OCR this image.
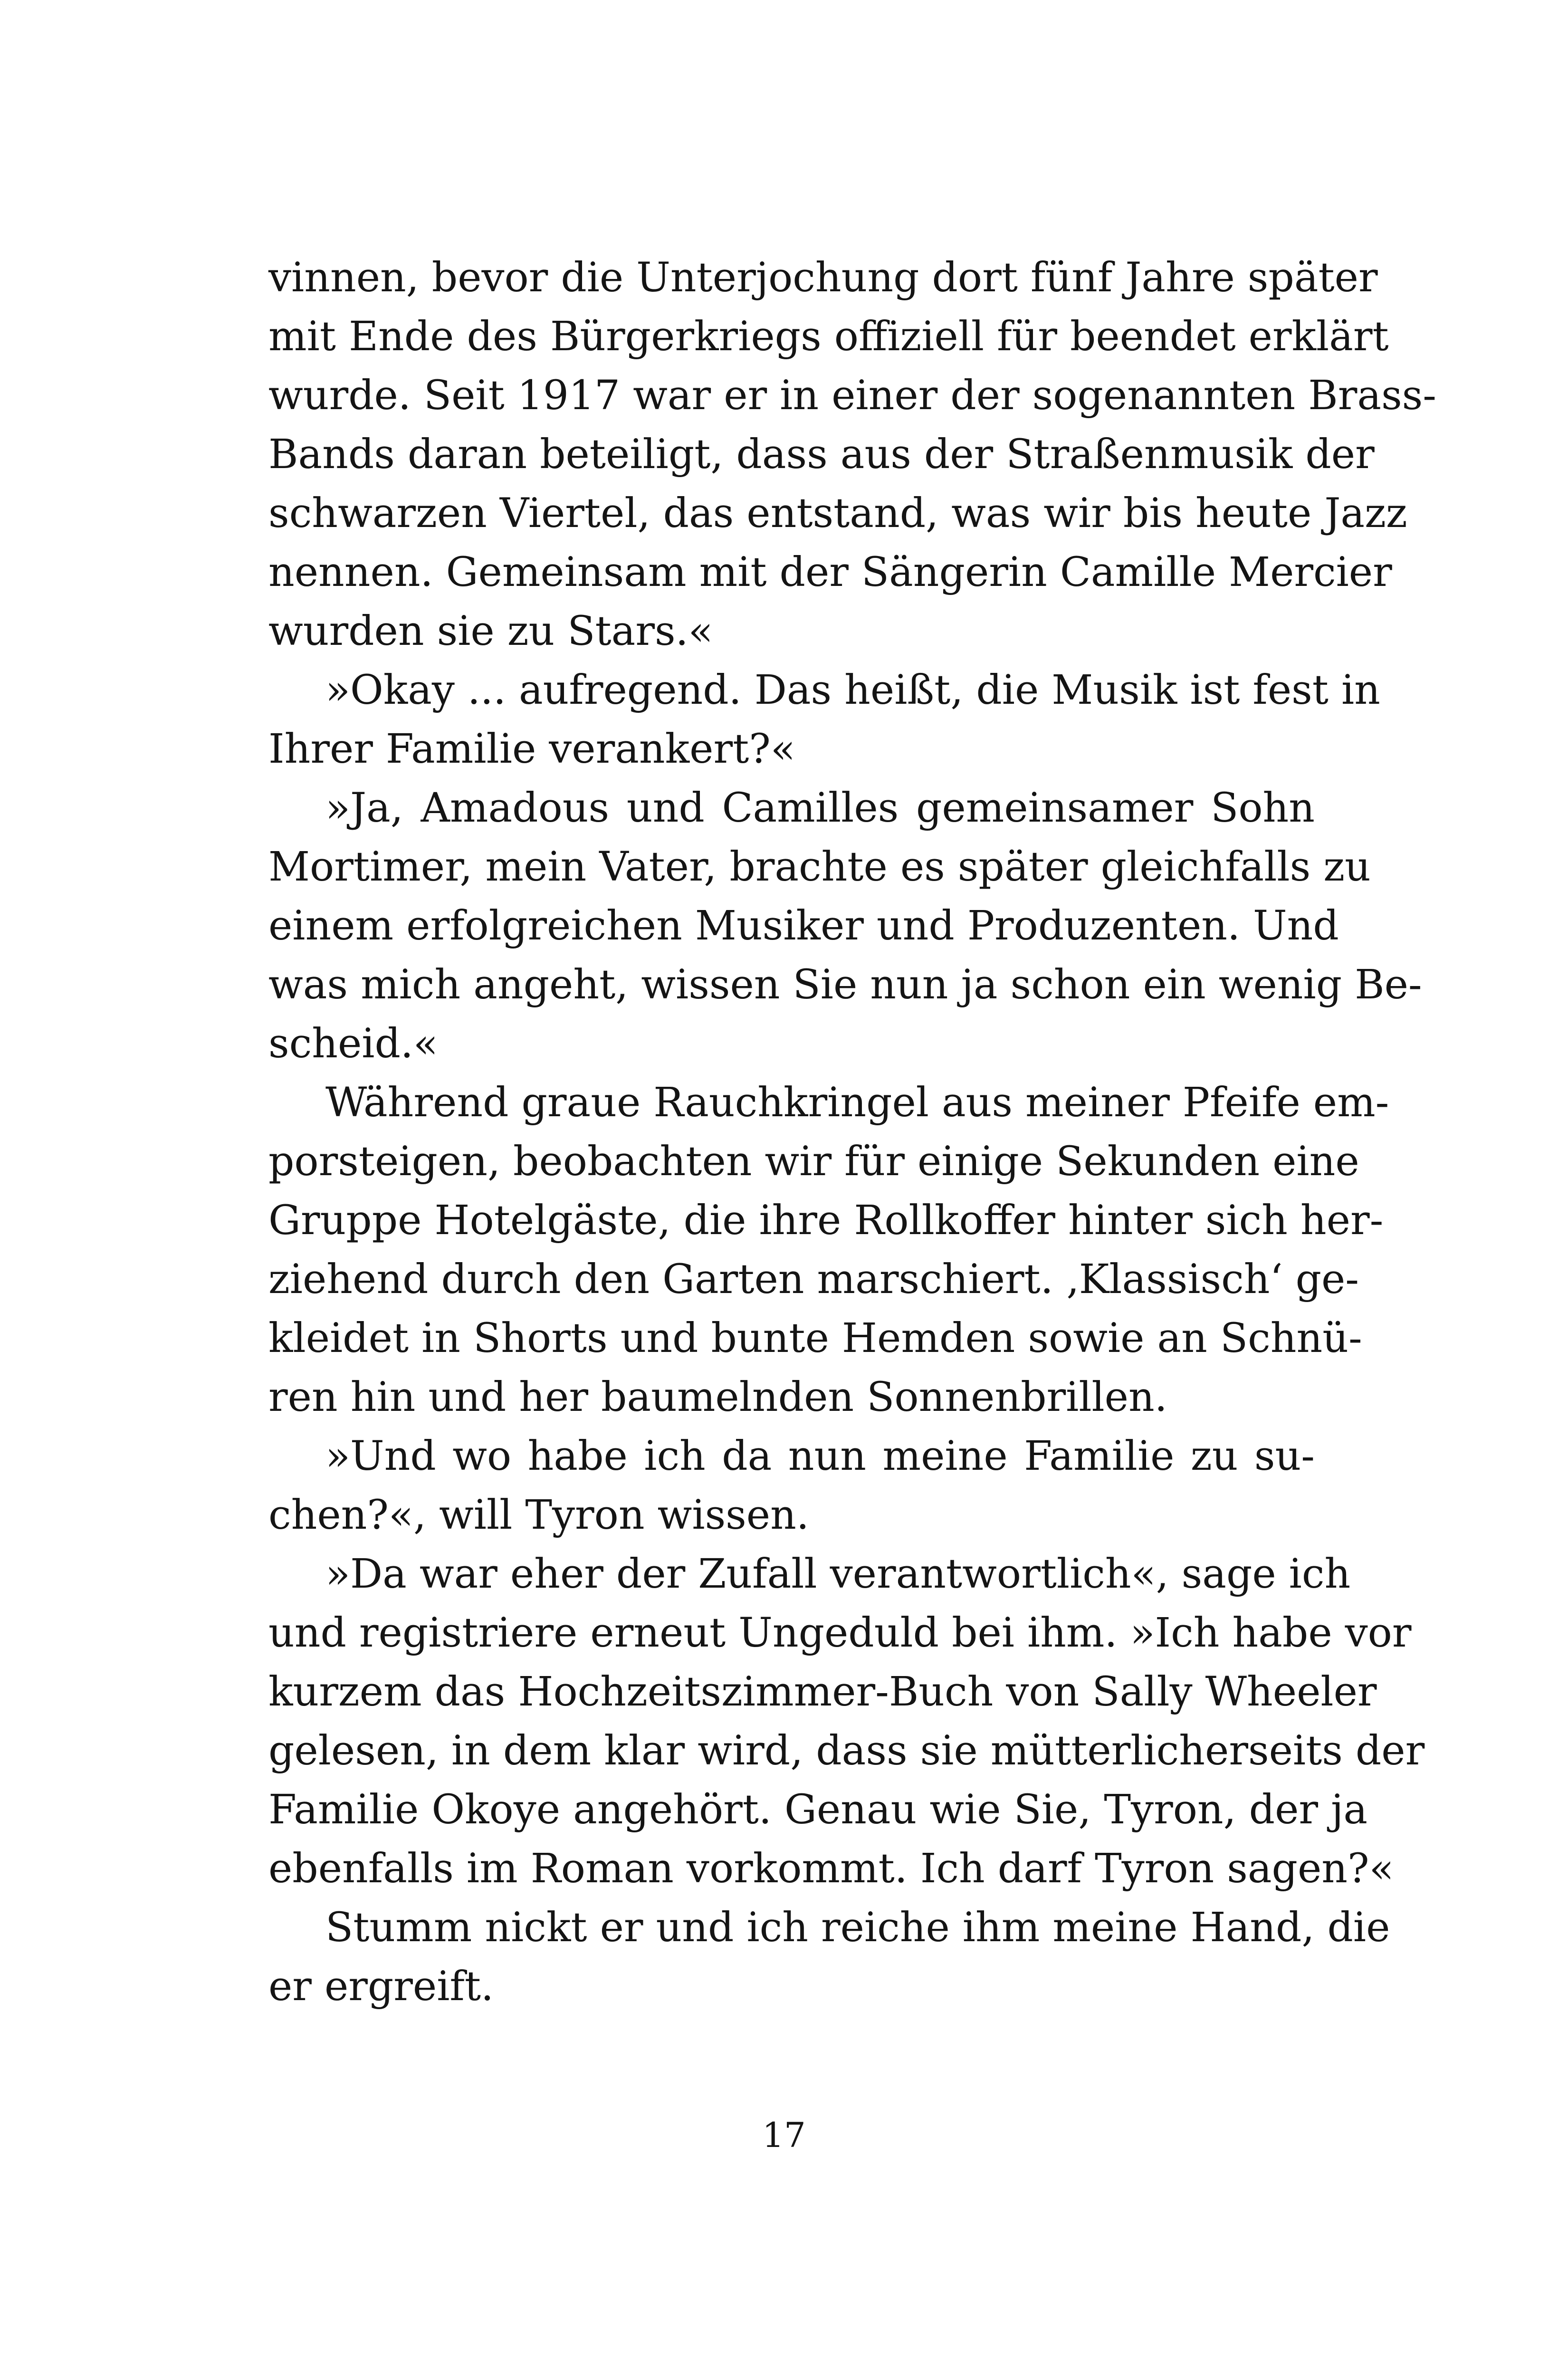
vinnen, bevor die Unterjochung dort fünf Jahre später
mit Ende des Bürgerkriegs offiziell für beendet erklärt
wurde. Seit 1917 war er in einer der sogenannten Brass-
Bands daran beteiligt, dass aus der Straßenmusik der
schwarzen Viertel, das entstand, was wir bis heute Jazz
nennen. Gemeinsam mit der Sängerin Camille Mercier
wurden sie zu Stars.«
»Okay ... aufregend. Das heißt, die Musik ist fest in
Ihrer Familie verankert?«
»Ja, Amadous und Camilles gemeinsamer Sohn
Mortimer, mein Vater, brachte es später gleichfalls zu
einem erfolgreichen Musiker und Produzenten. Und
was mich angeht, wissen Sie nun ja schon ein wenig Be-
scheid.«
Während graue Rauchkringel aus meiner Pfeife em-
porsteigen, beobachten wir für einige Sekunden eine
Gruppe Hotelgäste, die ihre Rollkoffer hinter sich her-
ziehend durch den Garten marschiert. ‚Klassisch‘ ge-
kleidet in Shorts und bunte Hemden sowie an Schnü-
ren hin und her baumelnden Sonnenbrillen.
»Und wo habe ich da nun meine Familie zu su-
chen?«, will Tyron wissen.
»Da war eher der Zufall verantwortlich«, sage ich
und registriere erneut Ungeduld bei ihm. »Ich habe vor
kurzem das Hochzeitszimmer-Buch von Sally Wheeler
gelesen, in dem klar wird, dass sie mütterlicherseits der
Familie Okoye angehört. Genau wie Sie, Tyron, der ja
ebenfalls im Roman vorkommt. Ich darf Tyron sagen?«
Stumm nickt er und ich reiche ihm meine Hand, die
er ergreift.
17
